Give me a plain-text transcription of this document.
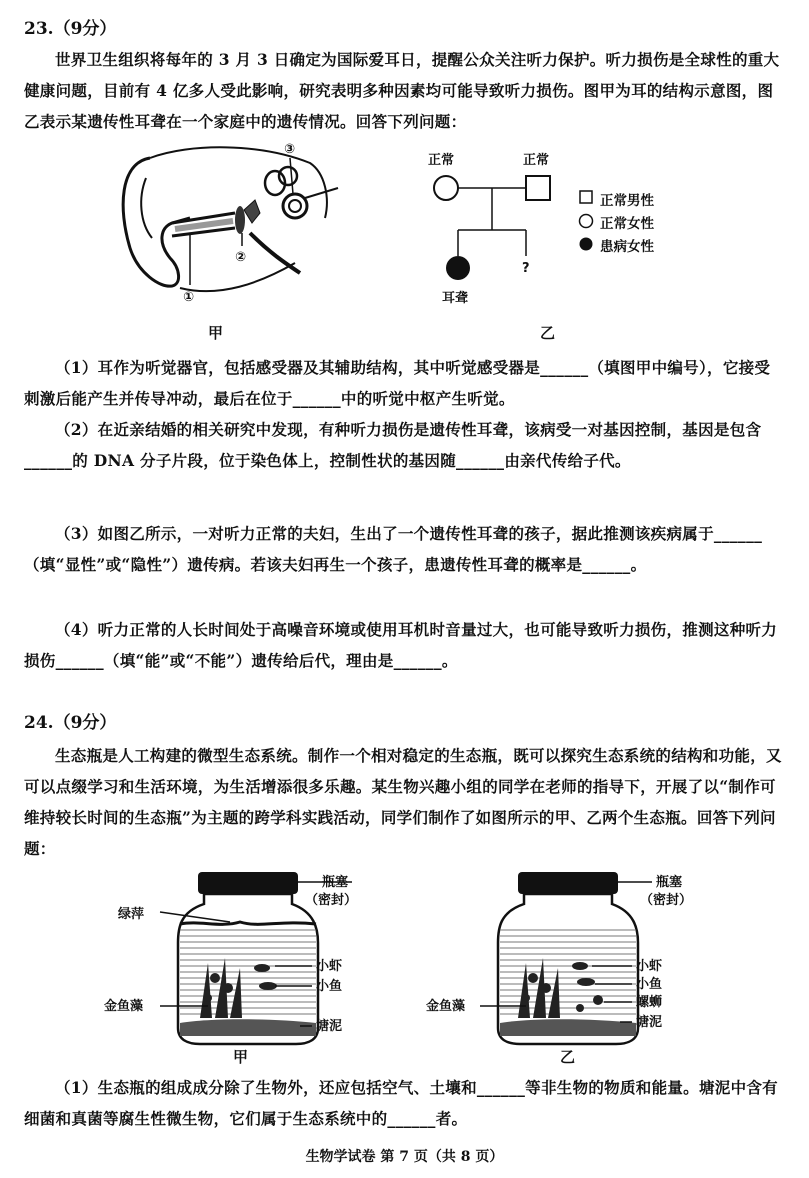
23.（9分）

世界卫生组织将每年的 3 月 3 日确定为国际爱耳日，提醒公众关注听力保护。听力损伤是全球性的重大健康问题，目前有 4 亿多人受此影响，研究表明多种因素均可能导致听力损伤。图甲为耳的结构示意图，图乙表示某遗传性耳聋在一个家庭中的遗传情况。回答下列问题：

①
②
③
甲
正常	正常
?
耳聋
正常男性
正常女性
患病女性
乙

（1）耳作为听觉器官，包括感受器及其辅助结构，其中听觉感受器是______（填图甲中编号），它接受刺激后能产生并传导冲动，最后在位于______中的听觉中枢产生听觉。

（2）在近亲结婚的相关研究中发现，有种听力损伤是遗传性耳聋，该病受一对基因控制，基因是包含______的 DNA 分子片段，位于染色体上，控制性状的基因随______由亲代传给子代。

（3）如图乙所示，一对听力正常的夫妇，生出了一个遗传性耳聋的孩子，据此推测该疾病属于______（填“显性”或“隐性”）遗传病。若该夫妇再生一个孩子，患遗传性耳聋的概率是______。

（4）听力正常的人长时间处于高噪音环境或使用耳机时音量过大，也可能导致听力损伤，推测这种听力损伤______（填“能”或“不能”）遗传给后代，理由是______。

24.（9分）

生态瓶是人工构建的微型生态系统。制作一个相对稳定的生态瓶，既可以探究生态系统的结构和功能，又可以点缀学习和生活环境，为生活增添很多乐趣。某生物兴趣小组的同学在老师的指导下，开展了以“制作可维持较长时间的生态瓶”为主题的跨学科实践活动，同学们制作了如图所示的甲、乙两个生态瓶。回答下列问题：

绿萍
瓶塞
（密封）
小虾
小鱼
金鱼藻
塘泥
甲
瓶塞
（密封）
小虾
小鱼
螺蛳
金鱼藻
塘泥
乙

（1）生态瓶的组成成分除了生物外，还应包括空气、土壤和______等非生物的物质和能量。塘泥中含有细菌和真菌等腐生性微生物，它们属于生态系统中的______者。

生物学试卷 第 7 页（共 8 页）
